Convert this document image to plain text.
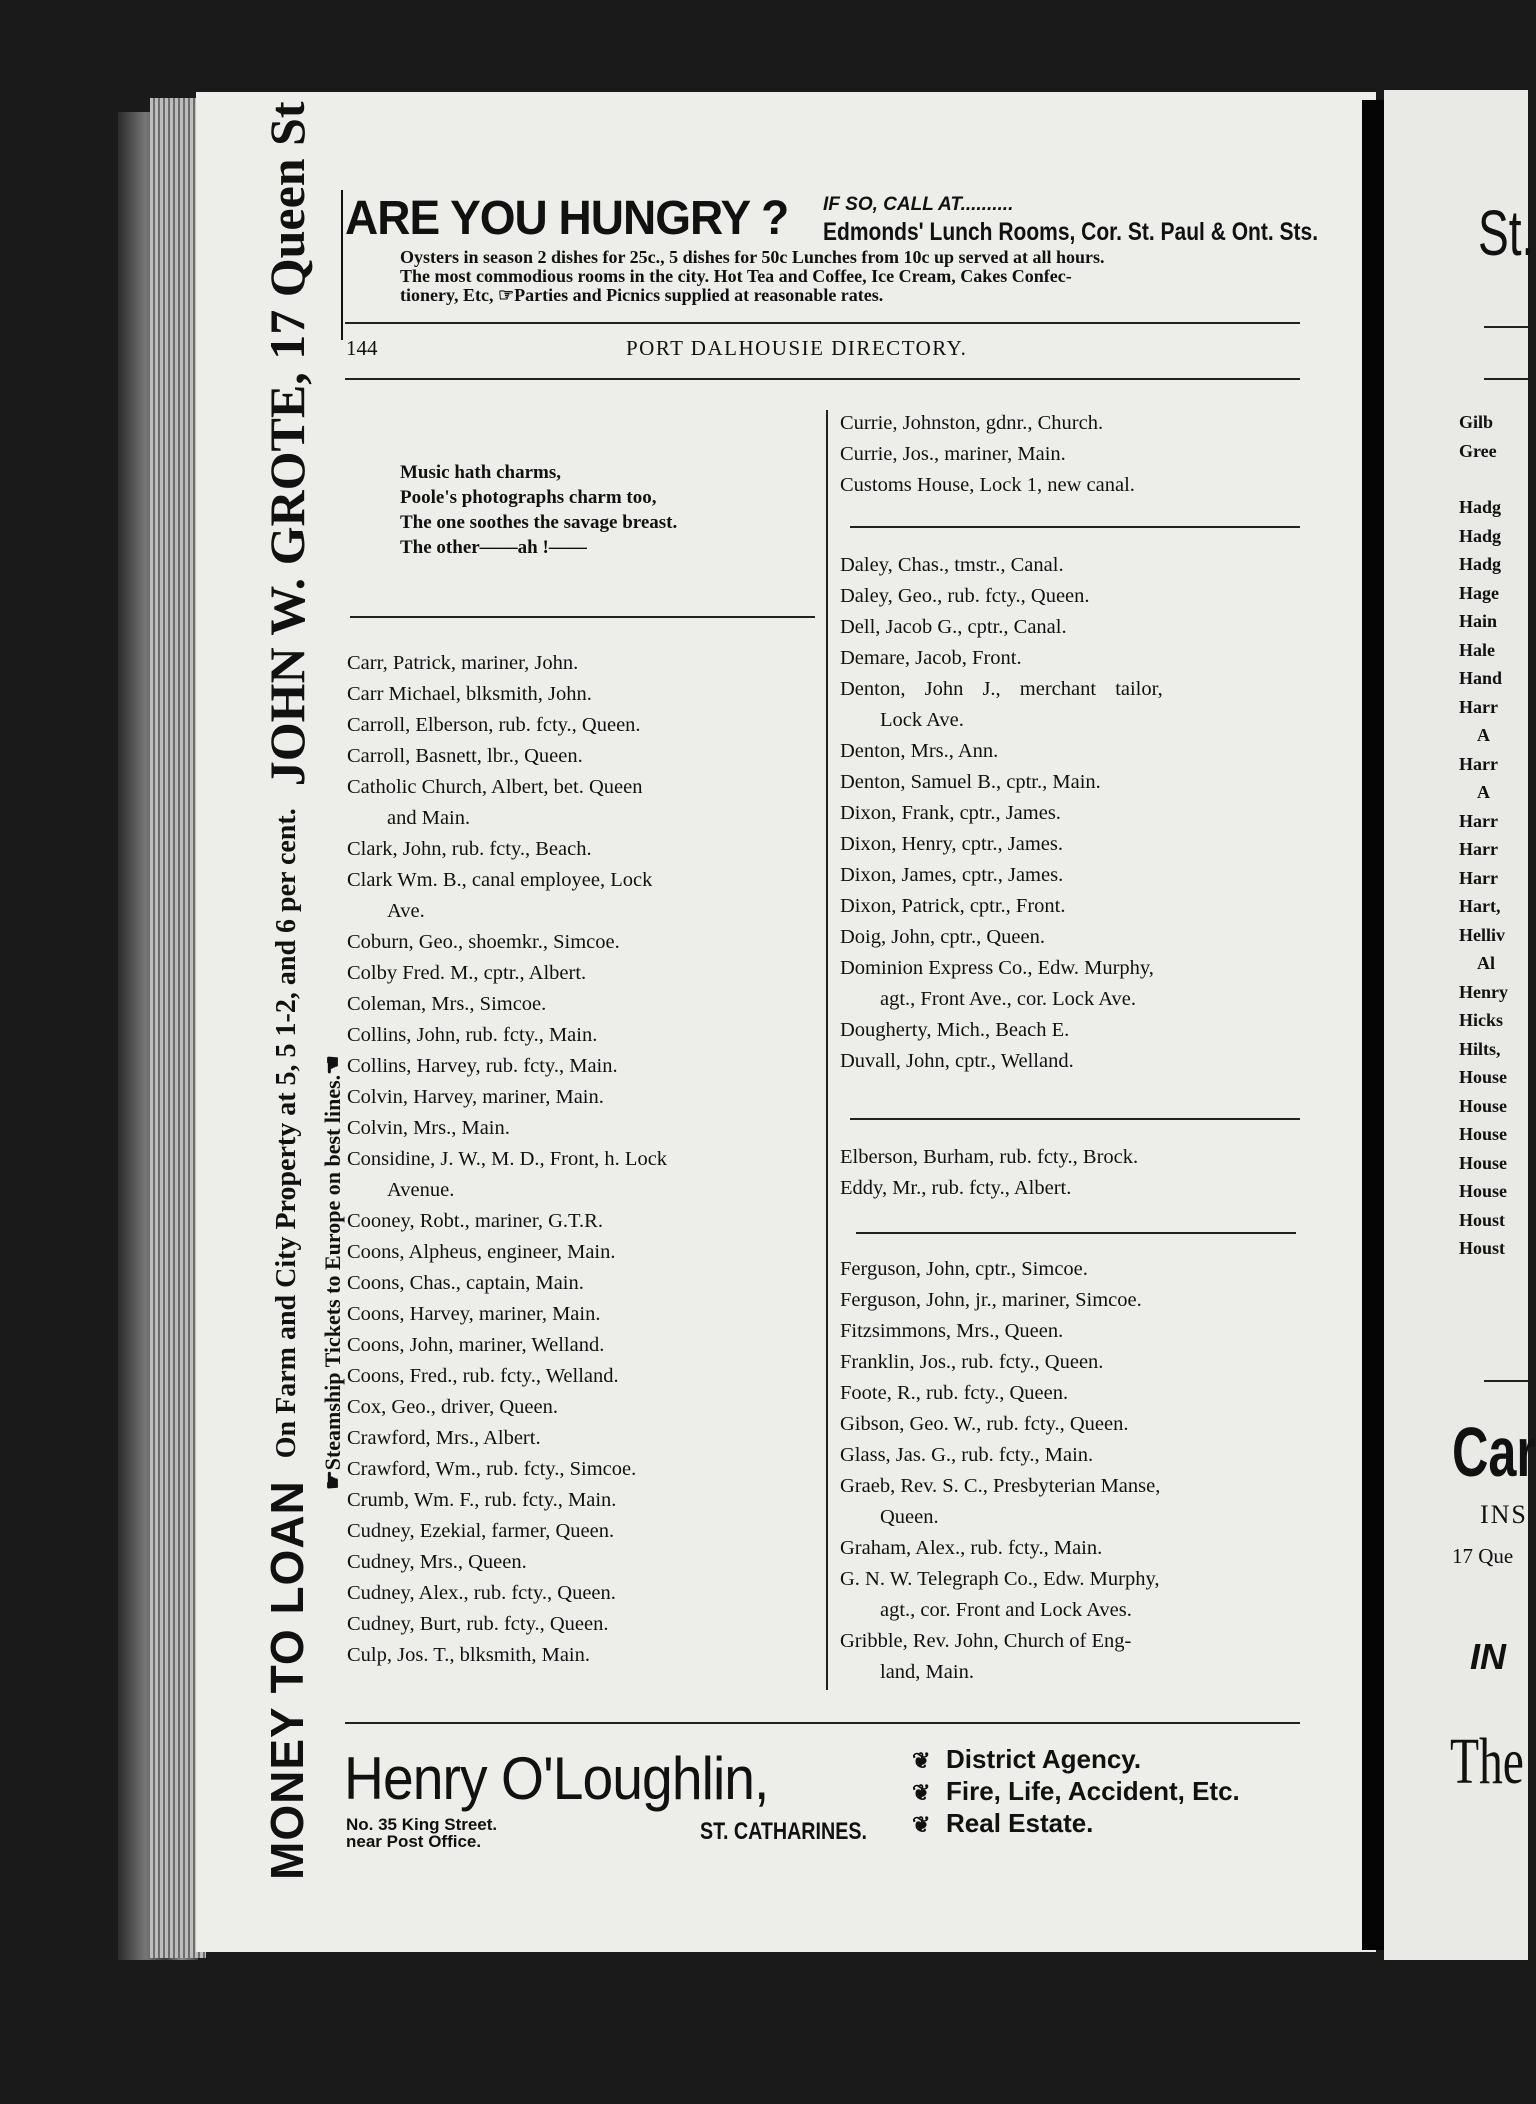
St.
Gilb
Gree
Hadg
Hadg
Hadg
Hage
Hain
Hale
Hand
Harr
A
Harr
A
Harr
Harr
Harr
Hart,
Helliv
Al
Henry
Hicks
Hilts,
House
House
House
House
House
Houst
Houst
Car
INS
17 Que
IN
The
MONEY TO LOAN On Farm and City Property at 5, 5 1-2, and 6 per cent. JOHN W. GROTE, 17 Queen St
☛Steamship Tickets to Europe on best lines.☚
ARE YOU HUNGRY ? IF SO, CALL AT..........
Edmonds' Lunch Rooms, Cor. St. Paul & Ont. Sts.
Oysters in season 2 dishes for 25c., 5 dishes for 50c Lunches from 10c up served at all hours.
The most commodious rooms in the city. Hot Tea and Coffee, Ice Cream, Cakes Confec-
tionery, Etc, ☞Parties and Picnics supplied at reasonable rates.
144	PORT DALHOUSIE DIRECTORY.
Music hath charms,
Poole's photographs charm too,
The one soothes the savage breast.
The other——ah !——
Carr, Patrick, mariner, John.
Carr Michael, blksmith, John.
Carroll, Elberson, rub. fcty., Queen.
Carroll, Basnett, lbr., Queen.
Catholic Church, Albert, bet. Queen
and Main.
Clark, John, rub. fcty., Beach.
Clark Wm. B., canal employee, Lock
Ave.
Coburn, Geo., shoemkr., Simcoe.
Colby Fred. M., cptr., Albert.
Coleman, Mrs., Simcoe.
Collins, John, rub. fcty., Main.
Collins, Harvey, rub. fcty., Main.
Colvin, Harvey, mariner, Main.
Colvin, Mrs., Main.
Considine, J. W., M. D., Front, h. Lock
Avenue.
Cooney, Robt., mariner, G.T.R.
Coons, Alpheus, engineer, Main.
Coons, Chas., captain, Main.
Coons, Harvey, mariner, Main.
Coons, John, mariner, Welland.
Coons, Fred., rub. fcty., Welland.
Cox, Geo., driver, Queen.
Crawford, Mrs., Albert.
Crawford, Wm., rub. fcty., Simcoe.
Crumb, Wm. F., rub. fcty., Main.
Cudney, Ezekial, farmer, Queen.
Cudney, Mrs., Queen.
Cudney, Alex., rub. fcty., Queen.
Cudney, Burt, rub. fcty., Queen.
Culp, Jos. T., blksmith, Main.
Currie, Johnston, gdnr., Church.
Currie, Jos., mariner, Main.
Customs House, Lock 1, new canal.
Daley, Chas., tmstr., Canal.
Daley, Geo., rub. fcty., Queen.
Dell, Jacob G., cptr., Canal.
Demare, Jacob, Front.
Denton, John J., merchant tailor,
Lock Ave.
Denton, Mrs., Ann.
Denton, Samuel B., cptr., Main.
Dixon, Frank, cptr., James.
Dixon, Henry, cptr., James.
Dixon, James, cptr., James.
Dixon, Patrick, cptr., Front.
Doig, John, cptr., Queen.
Dominion Express Co., Edw. Murphy,
agt., Front Ave., cor. Lock Ave.
Dougherty, Mich., Beach E.
Duvall, John, cptr., Welland.
Elberson, Burham, rub. fcty., Brock.
Eddy, Mr., rub. fcty., Albert.
Ferguson, John, cptr., Simcoe.
Ferguson, John, jr., mariner, Simcoe.
Fitzsimmons, Mrs., Queen.
Franklin, Jos., rub. fcty., Queen.
Foote, R., rub. fcty., Queen.
Gibson, Geo. W., rub. fcty., Queen.
Glass, Jas. G., rub. fcty., Main.
Graeb, Rev. S. C., Presbyterian Manse,
Queen.
Graham, Alex., rub. fcty., Main.
G. N. W. Telegraph Co., Edw. Murphy,
agt., cor. Front and Lock Aves.
Gribble, Rev. John, Church of Eng-
land, Main.
Henry O'Loughlin,
No. 35 King Street.
near Post Office.	ST. CATHARINES.
❦ District Agency.
❦ Fire, Life, Accident, Etc.
❦ Real Estate.
